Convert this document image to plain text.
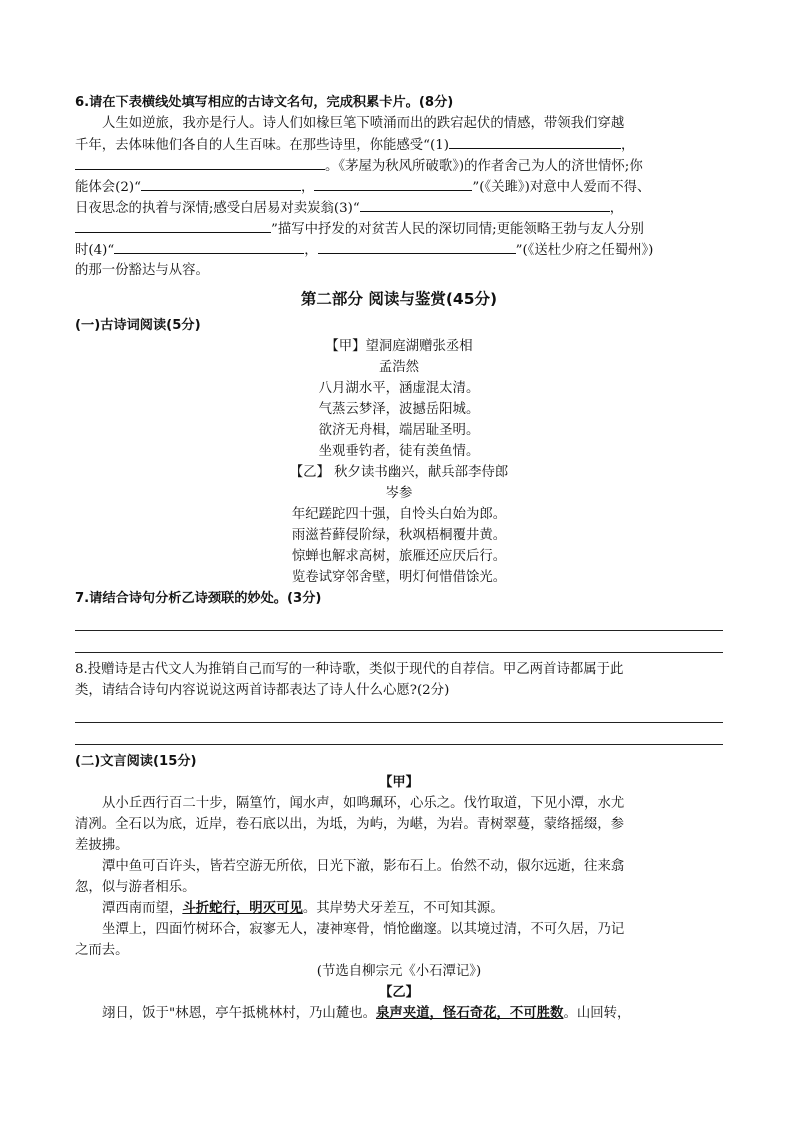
6.请在下表横线处填写相应的古诗文名句，完成积累卡片。(8分)
人生如逆旅，我亦是行人。诗人们如椽巨笔下喷涌而出的跌宕起伏的情感，带领我们穿越
千年，去体味他们各自的人生百味。在那些诗里，你能感受“(1)	，
。《茅屋为秋风所破歌》)的作者舍己为人的济世情怀;你
能体会(2)“	，	”(《关雎》)对意中人爱而不得、
日夜思念的执着与深情;感受白居易对卖炭翁(3)“	，
”描写中抒发的对贫苦人民的深切同情;更能领略王勃与友人分别
时(4)“	，	”(《送杜少府之任蜀州》)
的那一份豁达与从容。
第二部分 阅读与鉴赏(45分)
(一)古诗词阅读(5分)
【甲】望洞庭湖赠张丞相
孟浩然
八月湖水平，涵虚混太清。
气蒸云梦泽，波撼岳阳城。
欲济无舟楫，端居耻圣明。
坐观垂钓者，徒有羡鱼情。
【乙】 秋夕读书幽兴，献兵部李侍郎
岑参
年纪蹉跎四十强，自怜头白始为郎。
雨滋苔藓侵阶绿，秋飒梧桐覆井黄。
惊蝉也解求高树，旅雁还应厌后行。
览卷试穿邻舍壁，明灯何惜借馀光。
7.请结合诗句分析乙诗颈联的妙处。(3分)
8.投赠诗是古代文人为推销自己而写的一种诗歌，类似于现代的自荐信。甲乙两首诗都属于此
类，请结合诗句内容说说这两首诗都表达了诗人什么心愿?(2分)
(二)文言阅读(15分)
【甲】
从小丘西行百二十步，隔篁竹，闻水声，如鸣珮环，心乐之。伐竹取道，下见小潭，水尤
清冽。全石以为底，近岸，卷石底以出，为坻，为屿，为嵁，为岩。青树翠蔓，蒙络摇缀，参
差披拂。
潭中鱼可百许头，皆若空游无所依，日光下澈，影布石上。佁然不动，俶尔远逝，往来翕
忽，似与游者相乐。
潭西南而望，斗折蛇行，明灭可见。其岸势犬牙差互，不可知其源。
坐潭上，四面竹树环合，寂寥无人，凄神寒骨，悄怆幽邃。以其境过清，不可久居，乃记
之而去。
(节选自柳宗元《小石潭记》)
【乙】
翊日，饭于"林恩，亭午抵桃林村，乃山麓也。泉声夹道，怪石奇花，不可胜数。山回转，
